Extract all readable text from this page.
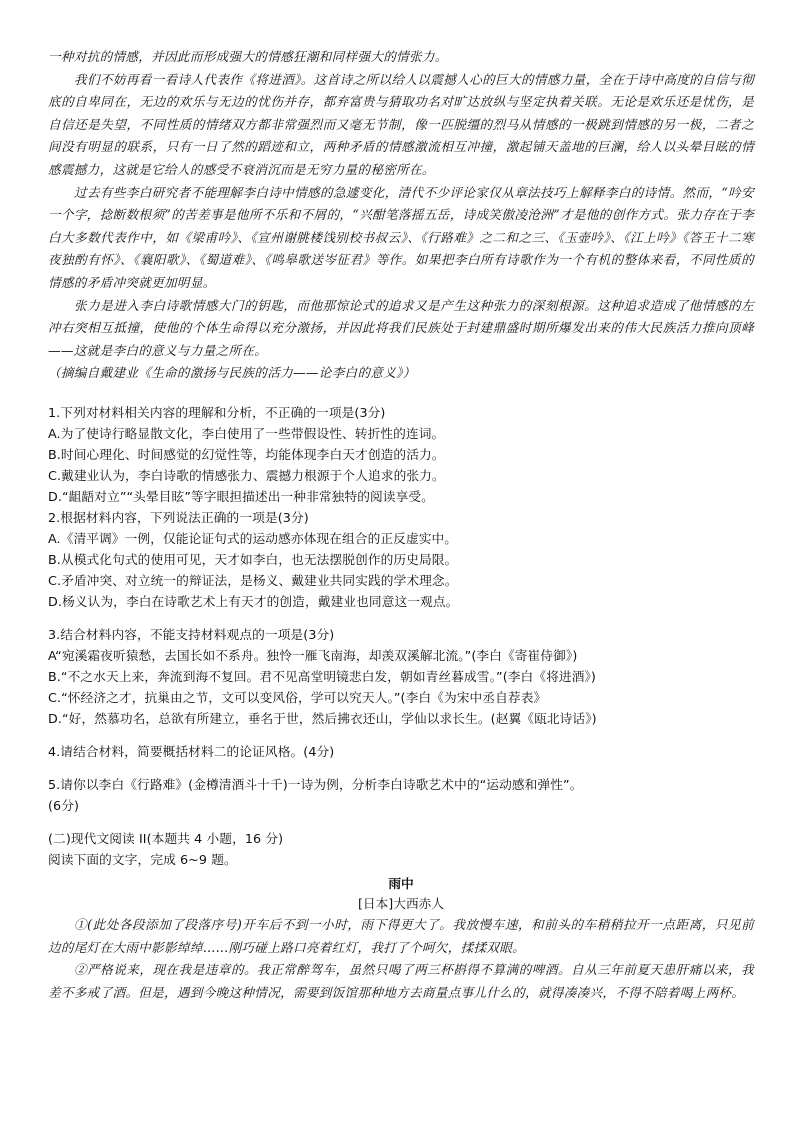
一种对抗的情感，并因此而形成强大的情感狂潮和同样强大的情张力。

我们不妨再看一看诗人代表作《将进酒》。这首诗之所以给人以震撼人心的巨大的情感力量，全在于诗中高度的自信与彻底的自卑同在，无边的欢乐与无边的忧伤并存，都弃富贵与猜取功名对旷达放纵与坚定执着关联。无论是欢乐还是忧伤，是自信还是失望，不同性质的情绪双方都非常强烈而又毫无节制，像一匹脱缰的烈马从情感的一极跳到情感的另一极，二者之间没有明显的联系，只有一日了然的蹈迹和立，两种矛盾的情感激流相互冲撞，激起铺天盖地的巨澜，给人以头晕目眩的情感震撼力，这就是它给人的感受不衰消沉而是无穷力量的秘密所在。

过去有些李白研究者不能理解李白诗中情感的急遽变化，清代不少评论家仅从章法技巧上解释李白的诗情。然而，“吟安一个字，捻断数根须”的苦差事是他所不乐和不屑的，“兴酣笔落摇五岳，诗成笑傲凌沧洲”才是他的创作方式。张力存在于李白大多数代表作中，如《梁甫吟》、《宣州谢朓楼饯别校书叔云》、《行路难》之二和之三、《玉壶吟》、《江上吟》《答王十二寒夜独酌有怀》、《襄阳歌》、《蜀道难》、《鸣皋歌送岑征君》等作。如果把李白所有诗歌作为一个有机的整体来看，不同性质的情感的矛盾冲突就更加明显。

张力是进入李白诗歌情感大门的钥匙，而他那惊论式的追求又是产生这种张力的深刻根源。这种追求造成了他情感的左冲右突相互抵撞，使他的个体生命得以充分激扬，并因此将我们民族处于封建鼎盛时期所爆发出来的伟大民族活力推向顶峰——这就是李白的意义与力量之所在。

（摘编自戴建业《生命的激扬与民族的活力——论李白的意义》）

1.下列对材料相关内容的理解和分析，不正确的一项是(3分)

A.为了使诗行略显散文化，李白使用了一些带假设性、转折性的连词。

B.时间心理化、时间感觉的幻觉性等，均能体现李白天才创造的活力。

C.戴建业认为，李白诗歌的情感张力、震撼力根源于个人追求的张力。

D.“龃龉对立”“头晕目眩”等字眼担描述出一种非常独特的阅读享受。

2.根据材料内容，下列说法正确的一项是(3分)

A.《清平调》一例，仅能论证句式的运动感亦体现在组合的正反虚实中。

B.从模式化句式的使用可见，天才如李白，也无法摆脱创作的历史局限。

C.矛盾冲突、对立统一的辩证法，是杨义、戴建业共同实践的学术理念。

D.杨义认为，李白在诗歌艺术上有天才的创造，戴建业也同意这一观点。

3.结合材料内容，不能支持材料观点的一项是(3分)

A“宛溪霜夜听猿愁，去国长如不系舟。独怜一雁飞南海，却羡双溪解北流。”(李白《寄崔侍御》)

B.“不之水天上来，奔流到海不复回。君不见高堂明镜悲白发，朝如青丝暮成雪。”(李白《将进酒》)

C.“怀经济之才，抗巢由之节，文可以变风俗，学可以究天人。”(李白《为宋中丞自荐表》

D.“好，然慕功名，总欲有所建立，垂名于世，然后拂衣还山，学仙以求长生。(赵翼《瓯北诗话》)

4.请结合材料，简要概括材料二的论证风格。(4分)

5.请你以李白《行路难》(金樽清酒斗十千)一诗为例，分析李白诗歌艺术中的“运动感和弹性”。

(6分)

(二)现代文阅读 II(本题共 4 小题，16 分)

阅读下面的文字，完成 6~9 题。

雨中
[日本]大西赤人

①(此处各段添加了段落序号)开车后不到一小时，雨下得更大了。我放慢车速，和前头的车稍稍拉开一点距离，只见前边的尾灯在大雨中影影绰绰……刚巧碰上路口亮着红灯，我打了个呵欠，揉揉双眼。

②严格说来，现在我是违章的。我正常醉驾车，虽然只喝了两三杯斟得不算满的啤酒。自从三年前夏天患肝痛以来，我差不多戒了酒。但是，遇到今晚这种情况，需要到饭馆那种地方去商量点事儿什么的，就得凑凑兴，不得不陪着喝上两杯。
